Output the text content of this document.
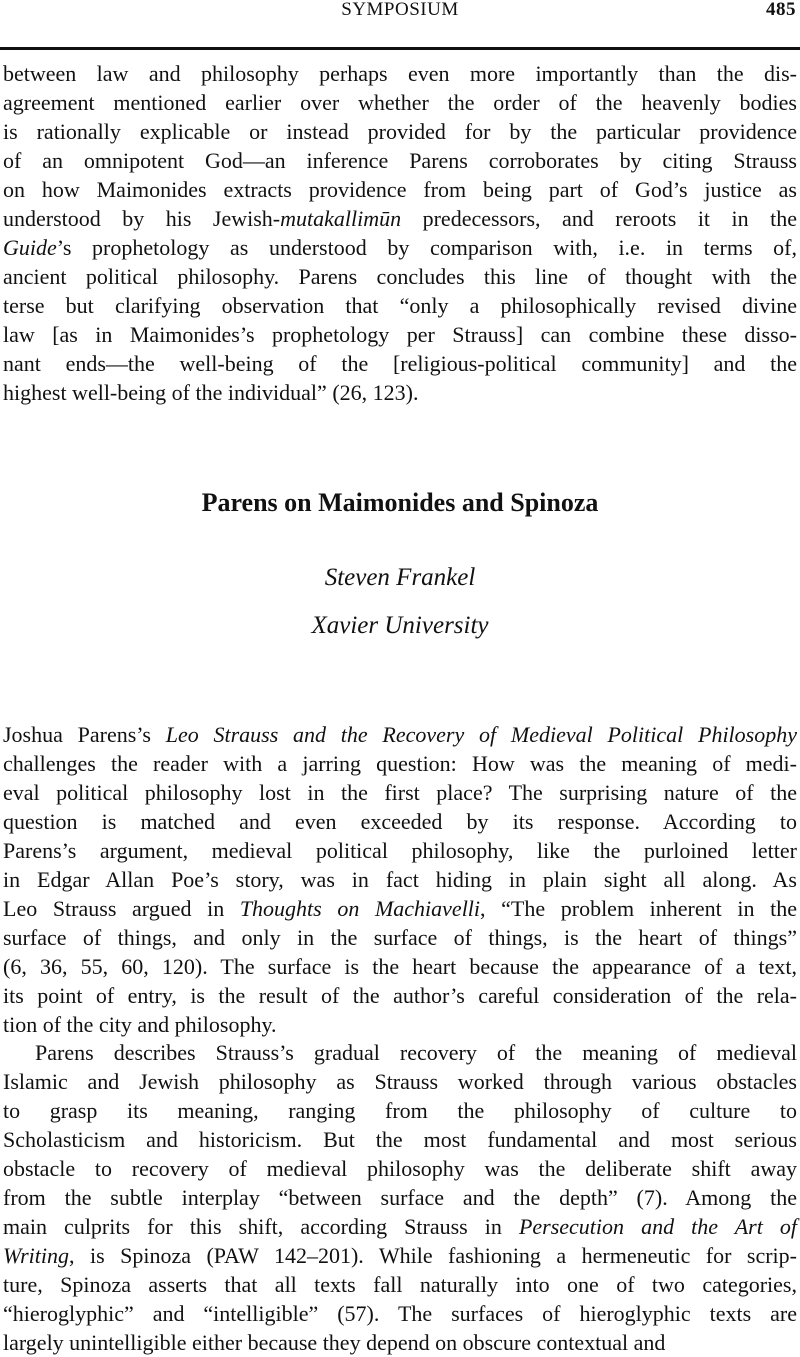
SYMPOSIUM	485
between law and philosophy perhaps even more importantly than the dis-
agreement mentioned earlier over whether the order of the heavenly bodies
is rationally explicable or instead provided for by the particular providence
of an omnipotent God—an inference Parens corroborates by citing Strauss
on how Maimonides extracts providence from being part of God’s justice as
understood by his Jewish-mutakallimūn predecessors, and reroots it in the
Guide’s prophetology as understood by comparison with, i.e. in terms of,
ancient political philosophy. Parens concludes this line of thought with the
terse but clarifying observation that “only a philosophically revised divine
law [as in Maimonides’s prophetology per Strauss] can combine these disso-
nant ends—the well-being of the [religious-political community] and the
highest well-being of the individual” (26, 123).
Parens on Maimonides and Spinoza
Steven Frankel
Xavier University
Joshua Parens’s Leo Strauss and the Recovery of Medieval Political Philosophy
challenges the reader with a jarring question: How was the meaning of medi-
eval political philosophy lost in the first place? The surprising nature of the
question is matched and even exceeded by its response. According to
Parens’s argument, medieval political philosophy, like the purloined letter
in Edgar Allan Poe’s story, was in fact hiding in plain sight all along. As
Leo Strauss argued in Thoughts on Machiavelli, “The problem inherent in the
surface of things, and only in the surface of things, is the heart of things”
(6, 36, 55, 60, 120). The surface is the heart because the appearance of a text,
its point of entry, is the result of the author’s careful consideration of the rela-
tion of the city and philosophy.
Parens describes Strauss’s gradual recovery of the meaning of medieval
Islamic and Jewish philosophy as Strauss worked through various obstacles
to grasp its meaning, ranging from the philosophy of culture to
Scholasticism and historicism. But the most fundamental and most serious
obstacle to recovery of medieval philosophy was the deliberate shift away
from the subtle interplay “between surface and the depth” (7). Among the
main culprits for this shift, according Strauss in Persecution and the Art of
Writing, is Spinoza (PAW 142–201). While fashioning a hermeneutic for scrip-
ture, Spinoza asserts that all texts fall naturally into one of two categories,
“hieroglyphic” and “intelligible” (57). The surfaces of hieroglyphic texts are
largely unintelligible either because they depend on obscure contextual and
